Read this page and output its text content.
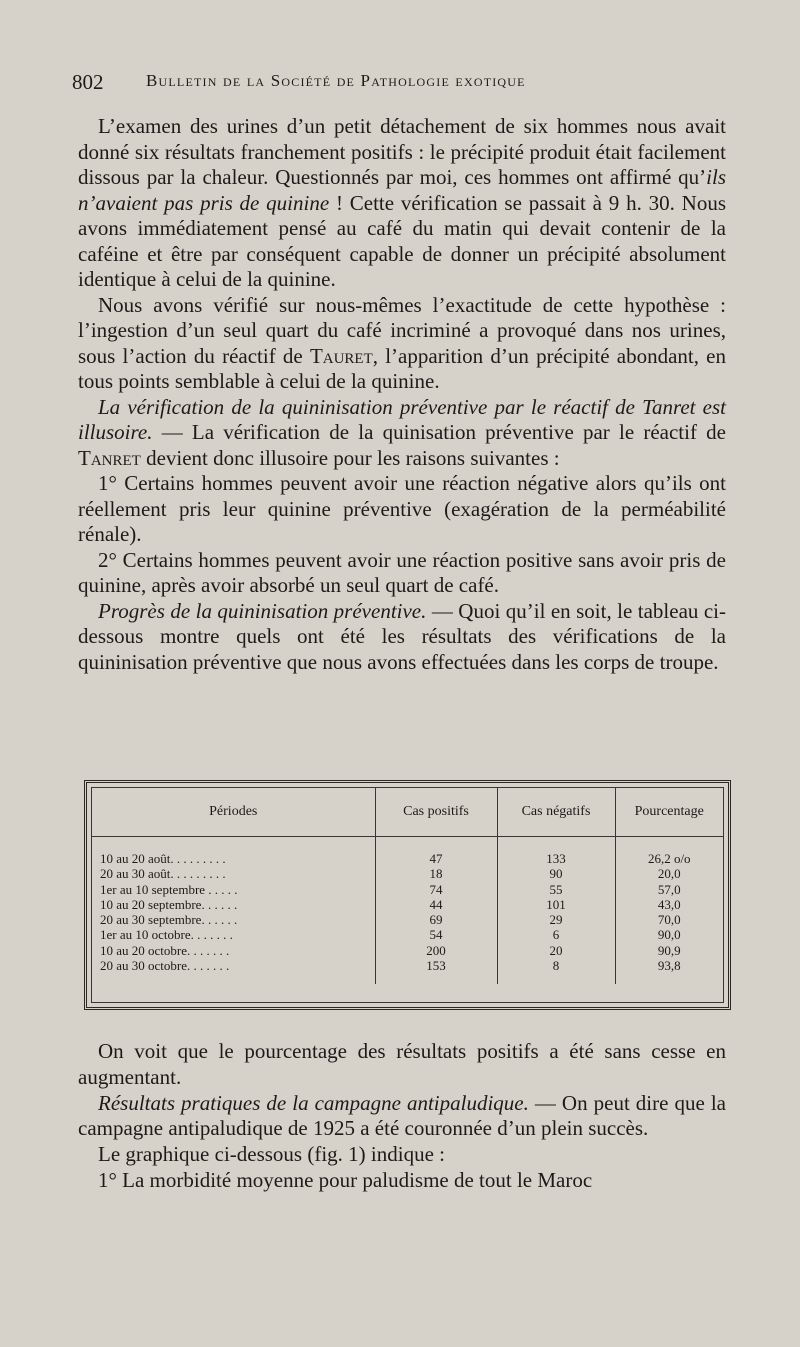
802	Bulletin de la Société de Pathologie exotique

L’examen des urines d’un petit détachement de six hommes nous avait donné six résultats franchement positifs : le précipité produit était facilement dissous par la chaleur. Questionnés par moi, ces hommes ont affirmé qu’ils n’avaient pas pris de quinine ! Cette vérification se passait à 9 h. 30. Nous avons immédiatement pensé au café du matin qui devait contenir de la caféine et être par conséquent capable de donner un précipité absolument identique à celui de la quinine.

Nous avons vérifié sur nous-mêmes l’exactitude de cette hypothèse : l’ingestion d’un seul quart du café incriminé a provoqué dans nos urines, sous l’action du réactif de Tauret, l’apparition d’un précipité abondant, en tous points semblable à celui de la quinine.

La vérification de la quininisation préventive par le réactif de Tanret est illusoire. — La vérification de la quinisation préventive par le réactif de Tanret devient donc illusoire pour les raisons suivantes :

1° Certains hommes peuvent avoir une réaction négative alors qu’ils ont réellement pris leur quinine préventive (exagération de la perméabilité rénale).

2° Certains hommes peuvent avoir une réaction positive sans avoir pris de quinine, après avoir absorbé un seul quart de café.

Progrès de la quininisation préventive. — Quoi qu’il en soit, le tableau ci-dessous montre quels ont été les résultats des vérifications de la quininisation préventive que nous avons effectuées dans les corps de troupe.

Périodes	Cas positifs	Cas négatifs	Pourcentage

10 au 20 août. . . . . . . . .	47	133	26,2 o/o
20 au 30 août. . . . . . . . .	18	90	20,0
1er au 10 septembre . . . . .	74	55	57,0
10 au 20 septembre. . . . . .	44	101	43,0
20 au 30 septembre. . . . . .	69	29	70,0
1er au 10 octobre. . . . . . .	54	6	90,0
10 au 20 octobre. . . . . . .	200	20	90,9
20 au 30 octobre. . . . . . .	153	8	93,8

On voit que le pourcentage des résultats positifs a été sans cesse en augmentant.

Résultats pratiques de la campagne antipaludique. — On peut dire que la campagne antipaludique de 1925 a été couronnée d’un plein succès.

Le graphique ci-dessous (fig. 1) indique :

1° La morbidité moyenne pour paludisme de tout le Maroc
